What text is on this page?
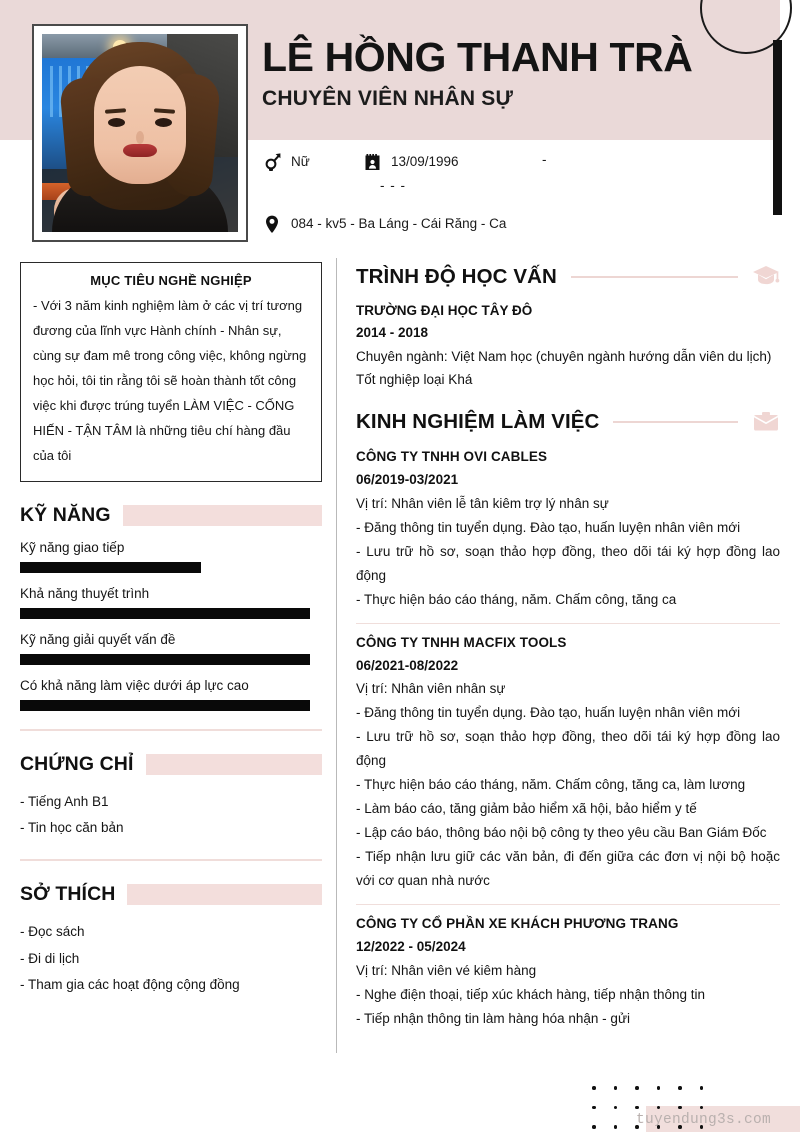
LÊ HỒNG THANH TRÀ
CHUYÊN VIÊN NHÂN SỰ
Nữ	13/09/1996	-
- - -
084 - kv5 - Ba Láng - Cái Răng - Ca
MỤC TIÊU NGHỀ NGHIỆP
- Với 3 năm kinh nghiệm làm ở các vị trí tương đương của lĩnh vực Hành chính - Nhân sự, cùng sự đam mê trong công việc, không ngừng học hỏi, tôi tin rằng tôi sẽ hoàn thành tốt công việc khi được trúng tuyển LÀM VIỆC - CỐNG HIẾN - TẬN TÂM là những tiêu chí hàng đầu của tôi
KỸ NĂNG
Kỹ năng giao tiếp
Khả năng thuyết trình
Kỹ năng giải quyết vấn đề
Có khả năng làm việc dưới áp lực cao
CHỨNG CHỈ
- Tiếng Anh B1
- Tin học căn bản
SỞ THÍCH
- Đọc sách
- Đi di lịch
- Tham gia các hoạt động cộng đồng
TRÌNH ĐỘ HỌC VẤN
TRƯỜNG ĐẠI HỌC TÂY ĐÔ
2014 - 2018
Chuyên ngành: Việt Nam học (chuyên ngành hướng dẫn viên du lịch)
Tốt nghiệp loại Khá
KINH NGHIỆM LÀM VIỆC
CÔNG TY TNHH OVI CABLES
06/2019-03/2021
Vị trí: Nhân viên lễ tân kiêm trợ lý nhân sự
- Đăng thông tin tuyển dụng. Đào tạo, huấn luyện nhân viên mới
- Lưu trữ hồ sơ, soạn thảo hợp đồng, theo dõi tái ký hợp đồng lao động
- Thực hiện báo cáo tháng, năm. Chấm công, tăng ca
CÔNG TY TNHH MACFIX TOOLS
06/2021-08/2022
Vị trí: Nhân viên nhân sự
- Đăng thông tin tuyển dụng. Đào tạo, huấn luyện nhân viên mới
- Lưu trữ hồ sơ, soạn thảo hợp đồng, theo dõi tái ký hợp đồng lao động
- Thực hiện báo cáo tháng, năm. Chấm công, tăng ca, làm lương
- Làm báo cáo, tăng giảm bảo hiểm xã hội, bảo hiểm y tế
- Lập cáo báo, thông báo nội bộ công ty theo yêu cầu Ban Giám Đốc
- Tiếp nhận lưu giữ các văn bản, đi đến giữa các đơn vị nội bộ hoặc với cơ quan nhà nước
CÔNG TY CỔ PHẦN XE KHÁCH PHƯƠNG TRANG
12/2022 - 05/2024
Vị trí: Nhân viên vé kiêm hàng
- Nghe điện thoại, tiếp xúc khách hàng, tiếp nhận thông tin
- Tiếp nhận thông tin làm hàng hóa nhận - gửi
tuyendung3s.com
